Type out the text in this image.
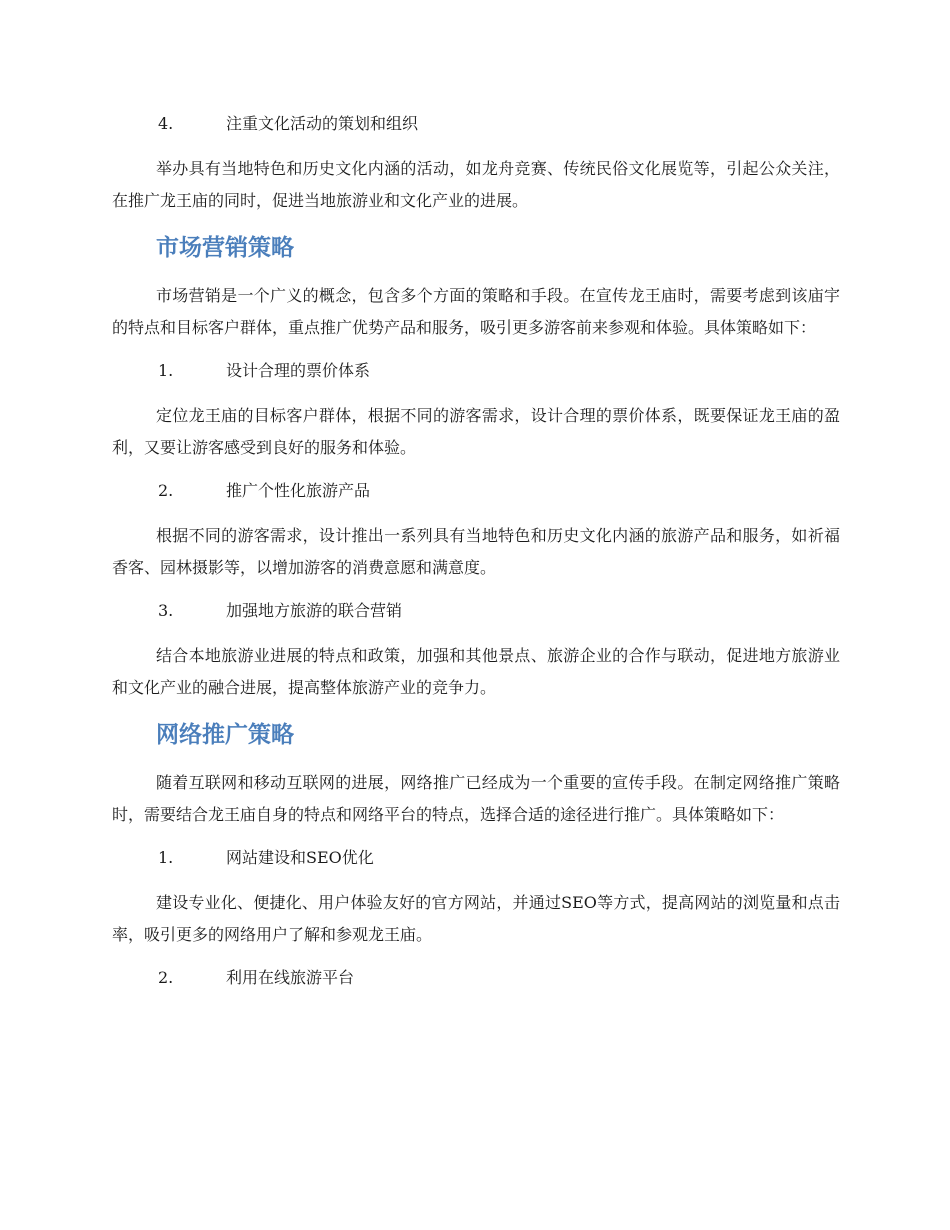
4.	注重文化活动的策划和组织

举办具有当地特色和历史文化内涵的活动，如龙舟竞赛、传统民俗文化展览等，引起公众关注，在推广龙王庙的同时，促进当地旅游业和文化产业的进展。

市场营销策略

市场营销是一个广义的概念，包含多个方面的策略和手段。在宣传龙王庙时，需要考虑到该庙宇的特点和目标客户群体，重点推广优势产品和服务，吸引更多游客前来参观和体验。具体策略如下：

1.	设计合理的票价体系

定位龙王庙的目标客户群体，根据不同的游客需求，设计合理的票价体系，既要保证龙王庙的盈利，又要让游客感受到良好的服务和体验。

2.	推广个性化旅游产品

根据不同的游客需求，设计推出一系列具有当地特色和历史文化内涵的旅游产品和服务，如祈福香客、园林摄影等，以增加游客的消费意愿和满意度。

3.	加强地方旅游的联合营销

结合本地旅游业进展的特点和政策，加强和其他景点、旅游企业的合作与联动，促进地方旅游业和文化产业的融合进展，提高整体旅游产业的竞争力。

网络推广策略

随着互联网和移动互联网的进展，网络推广已经成为一个重要的宣传手段。在制定网络推广策略时，需要结合龙王庙自身的特点和网络平台的特点，选择合适的途径进行推广。具体策略如下：

1.	网站建设和SEO优化

建设专业化、便捷化、用户体验友好的官方网站，并通过SEO等方式，提高网站的浏览量和点击率，吸引更多的网络用户了解和参观龙王庙。

2.	利用在线旅游平台
